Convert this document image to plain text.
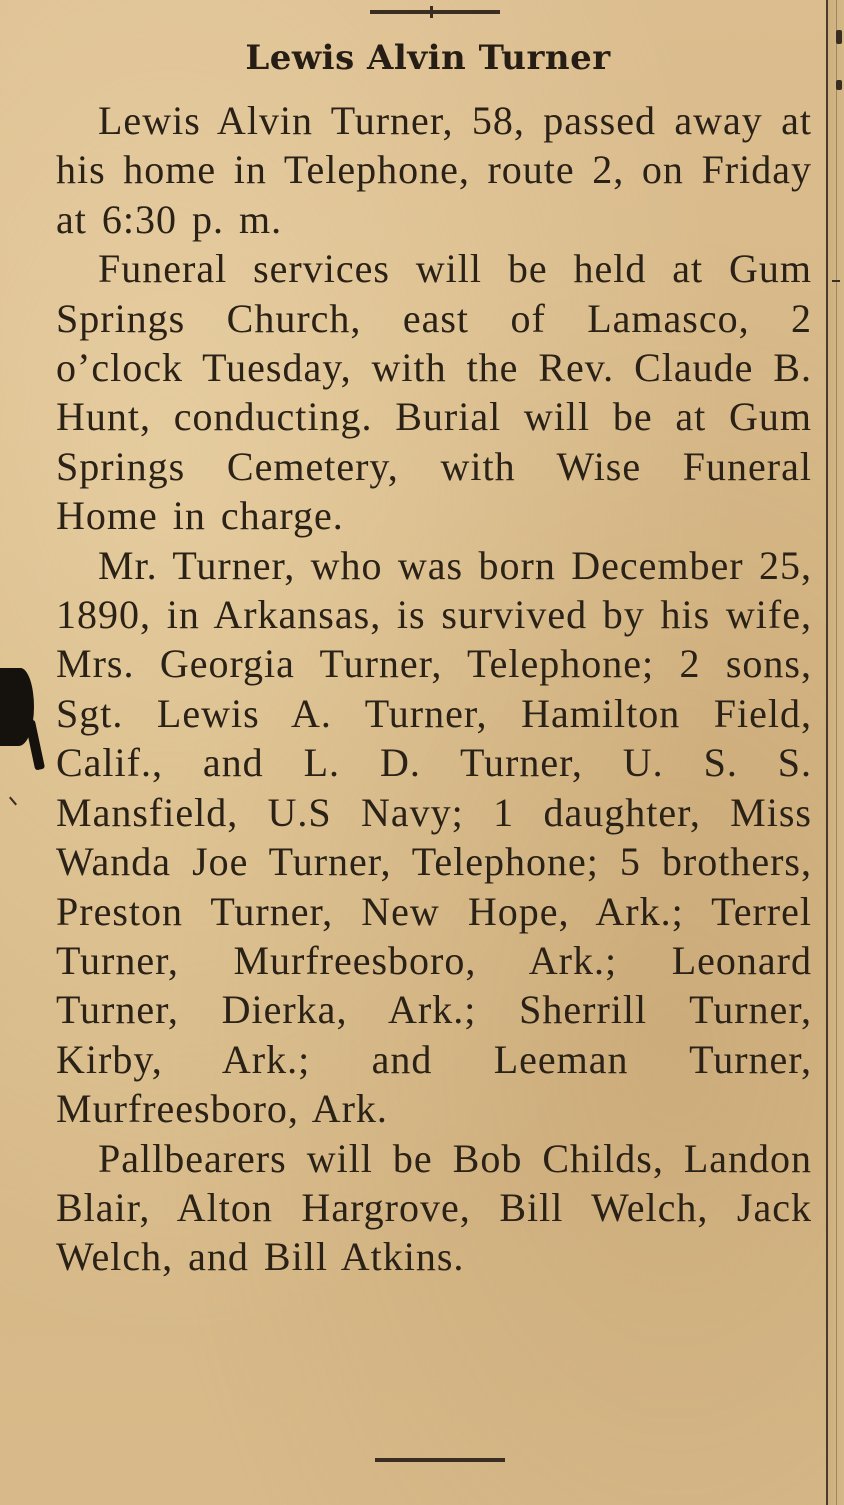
Lewis Alvin Turner

Lewis Alvin Turner, 58, passed away at his home in Telephone, route 2, on Friday at 6:30 p. m.

Funeral services will be held at Gum Springs Church, east of Lamasco, 2 o’clock Tuesday, with the Rev. Claude B. Hunt, conducting. Burial will be at Gum Springs Cemetery, with Wise Funeral Home in charge.

Mr. Turner, who was born December 25, 1890, in Arkansas, is survived by his wife, Mrs. Georgia Turner, Telephone; 2 sons, Sgt. Lewis A. Turner, Hamilton Field, Calif., and L. D. Turner, U. S. S. Mansfield, U.S Navy; 1 daughter, Miss Wanda Joe Turner, Telephone; 5 brothers, Preston Turner, New Hope, Ark.; Terrel Turner, Murfreesboro, Ark.; Leonard Turner, Dierka, Ark.; Sherrill Turner, Kirby, Ark.; and Leeman Turner, Murfreesboro, Ark.

Pallbearers will be Bob Childs, Landon Blair, Alton Hargrove, Bill Welch, Jack Welch, and Bill Atkins.
